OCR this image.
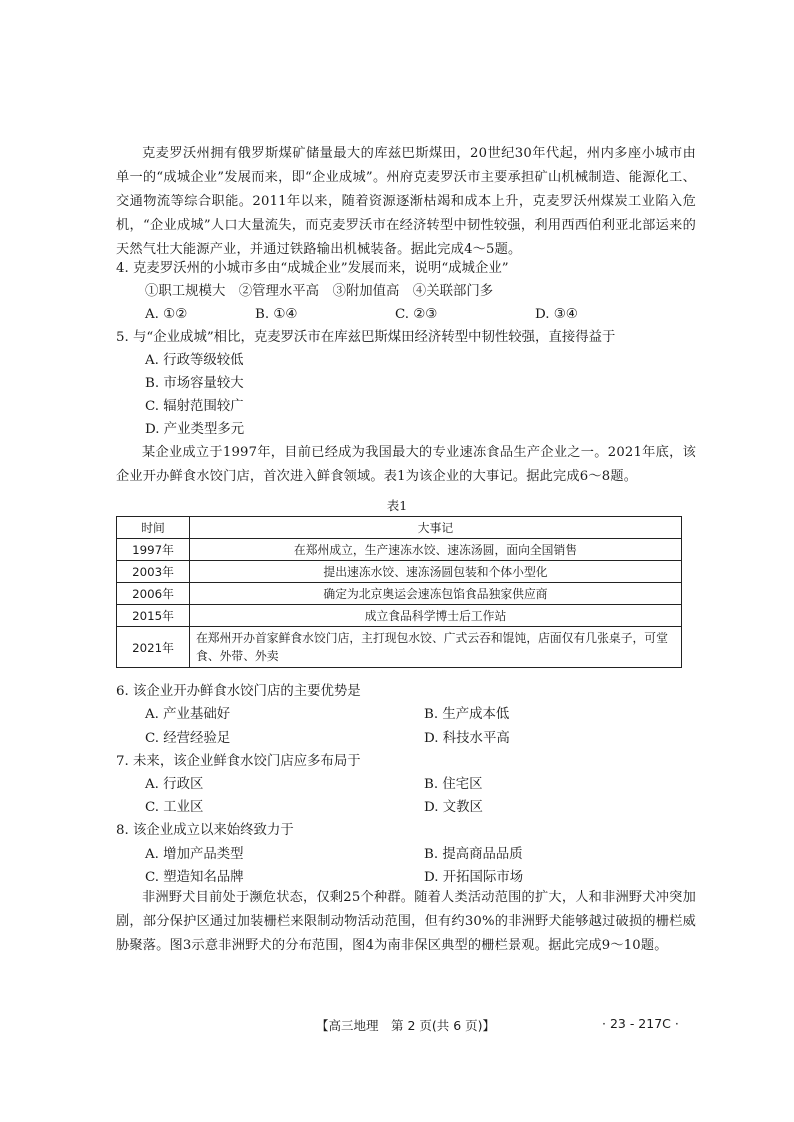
克麦罗沃州拥有俄罗斯煤矿储量最大的库兹巴斯煤田，20世纪30年代起，州内多座小城市由单一的“成城企业”发展而来，即“企业成城”。州府克麦罗沃市主要承担矿山机械制造、能源化工、交通物流等综合职能。2011年以来，随着资源逐渐枯竭和成本上升，克麦罗沃州煤炭工业陷入危机，“企业成城”人口大量流失，而克麦罗沃市在经济转型中韧性较强，利用西西伯利亚北部运来的天然气壮大能源产业，并通过铁路输出机械装备。据此完成4～5题。
4. 克麦罗沃州的小城市多由“成城企业”发展而来，说明“成城企业”
①职工规模大　②管理水平高　③附加值高　④关联部门多
A. ①②	B. ①④	C. ②③	D. ③④
5. 与“企业成城”相比，克麦罗沃市在库兹巴斯煤田经济转型中韧性较强，直接得益于
A. 行政等级较低
B. 市场容量较大
C. 辐射范围较广
D. 产业类型多元
某企业成立于1997年，目前已经成为我国最大的专业速冻食品生产企业之一。2021年底，该企业开办鲜食水饺门店，首次进入鲜食领域。表1为该企业的大事记。据此完成6～8题。
表1
时间	大事记
1997年	在郑州成立，生产速冻水饺、速冻汤圆，面向全国销售
2003年	提出速冻水饺、速冻汤圆包装和个体小型化
2006年	确定为北京奥运会速冻包馅食品独家供应商
2015年	成立食品科学博士后工作站
2021年	在郑州开办首家鲜食水饺门店，主打现包水饺、广式云吞和馄饨，店面仅有几张桌子，可堂食、外带、外卖
6. 该企业开办鲜食水饺门店的主要优势是
A. 产业基础好	B. 生产成本低
C. 经营经验足	D. 科技水平高
7. 未来，该企业鲜食水饺门店应多布局于
A. 行政区	B. 住宅区
C. 工业区	D. 文教区
8. 该企业成立以来始终致力于
A. 增加产品类型	B. 提高商品品质
C. 塑造知名品牌	D. 开拓国际市场
非洲野犬目前处于濒危状态，仅剩25个种群。随着人类活动范围的扩大，人和非洲野犬冲突加剧，部分保护区通过加装栅栏来限制动物活动范围，但有约30%的非洲野犬能够越过破损的栅栏威胁聚落。图3示意非洲野犬的分布范围，图4为南非保区典型的栅栏景观。据此完成9～10题。
【高三地理　第 2 页(共 6 页)】	· 23 - 217C ·
